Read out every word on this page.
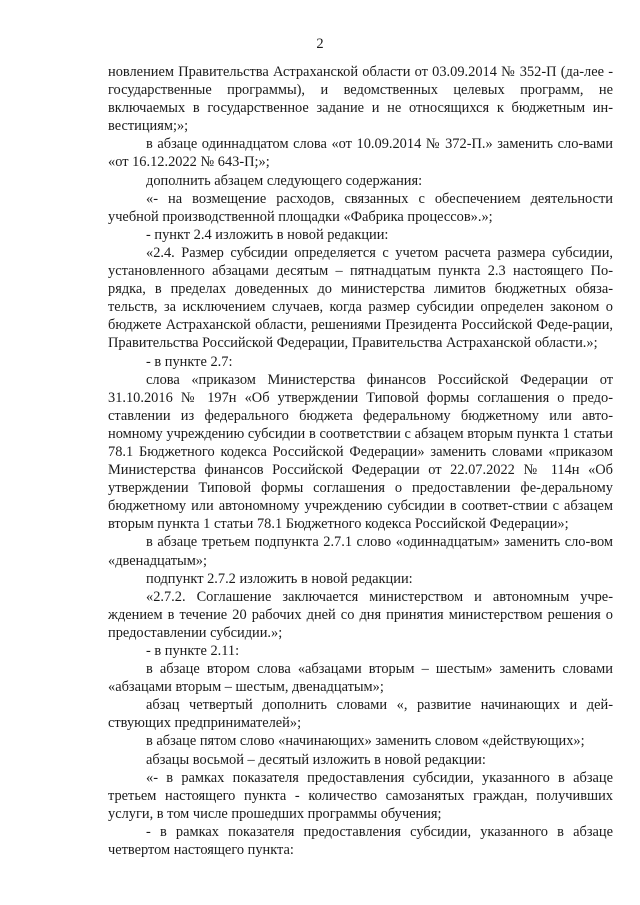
2

новлением Правительства Астраханской области от 03.09.2014 № 352-П (да-лее - государственные программы), и ведомственных целевых программ, не включаемых в государственное задание и не относящихся к бюджетным ин-вестициям;»;

в абзаце одиннадцатом слова «от 10.09.2014 № 372-П.» заменить сло-вами «от 16.12.2022 № 643-П;»;

дополнить абзацем следующего содержания:

«- на возмещение расходов, связанных с обеспечением деятельности учебной производственной площадки «Фабрика процессов».»;

- пункт 2.4 изложить в новой редакции:

«2.4. Размер субсидии определяется с учетом расчета размера субсидии, установленного абзацами десятым – пятнадцатым пункта 2.3 настоящего По-рядка, в пределах доведенных до министерства лимитов бюджетных обяза-тельств, за исключением случаев, когда размер субсидии определен законом о бюджете Астраханской области, решениями Президента Российской Феде-рации, Правительства Российской Федерации, Правительства Астраханской области.»;

- в пункте 2.7:

слова «приказом Министерства финансов Российской Федерации от 31.10.2016 № 197н «Об утверждении Типовой формы соглашения о предо-ставлении из федерального бюджета федеральному бюджетному или авто-номному учреждению субсидии в соответствии с абзацем вторым пункта 1 статьи 78.1 Бюджетного кодекса Российской Федерации» заменить словами «приказом Министерства финансов Российской Федерации от 22.07.2022 № 114н «Об утверждении Типовой формы соглашения о предоставлении фе-деральному бюджетному или автономному учреждению субсидии в соответ-ствии с абзацем вторым пункта 1 статьи 78.1 Бюджетного кодекса Российской Федерации»;

в абзаце третьем подпункта 2.7.1 слово «одиннадцатым» заменить сло-вом «двенадцатым»;

подпункт 2.7.2 изложить в новой редакции:

«2.7.2. Соглашение заключается министерством и автономным учре-ждением в течение 20 рабочих дней со дня принятия министерством решения о предоставлении субсидии.»;

- в пункте 2.11:

в абзаце втором слова «абзацами вторым – шестым» заменить словами «абзацами вторым – шестым, двенадцатым»;

абзац четвертый дополнить словами «, развитие начинающих и дей-ствующих предпринимателей»;

в абзаце пятом слово «начинающих» заменить словом «действующих»;

абзацы восьмой – десятый изложить в новой редакции:

«- в рамках показателя предоставления субсидии, указанного в абзаце третьем настоящего пункта - количество самозанятых граждан, получивших услуги, в том числе прошедших программы обучения;

- в рамках показателя предоставления субсидии, указанного в абзаце четвертом настоящего пункта:
